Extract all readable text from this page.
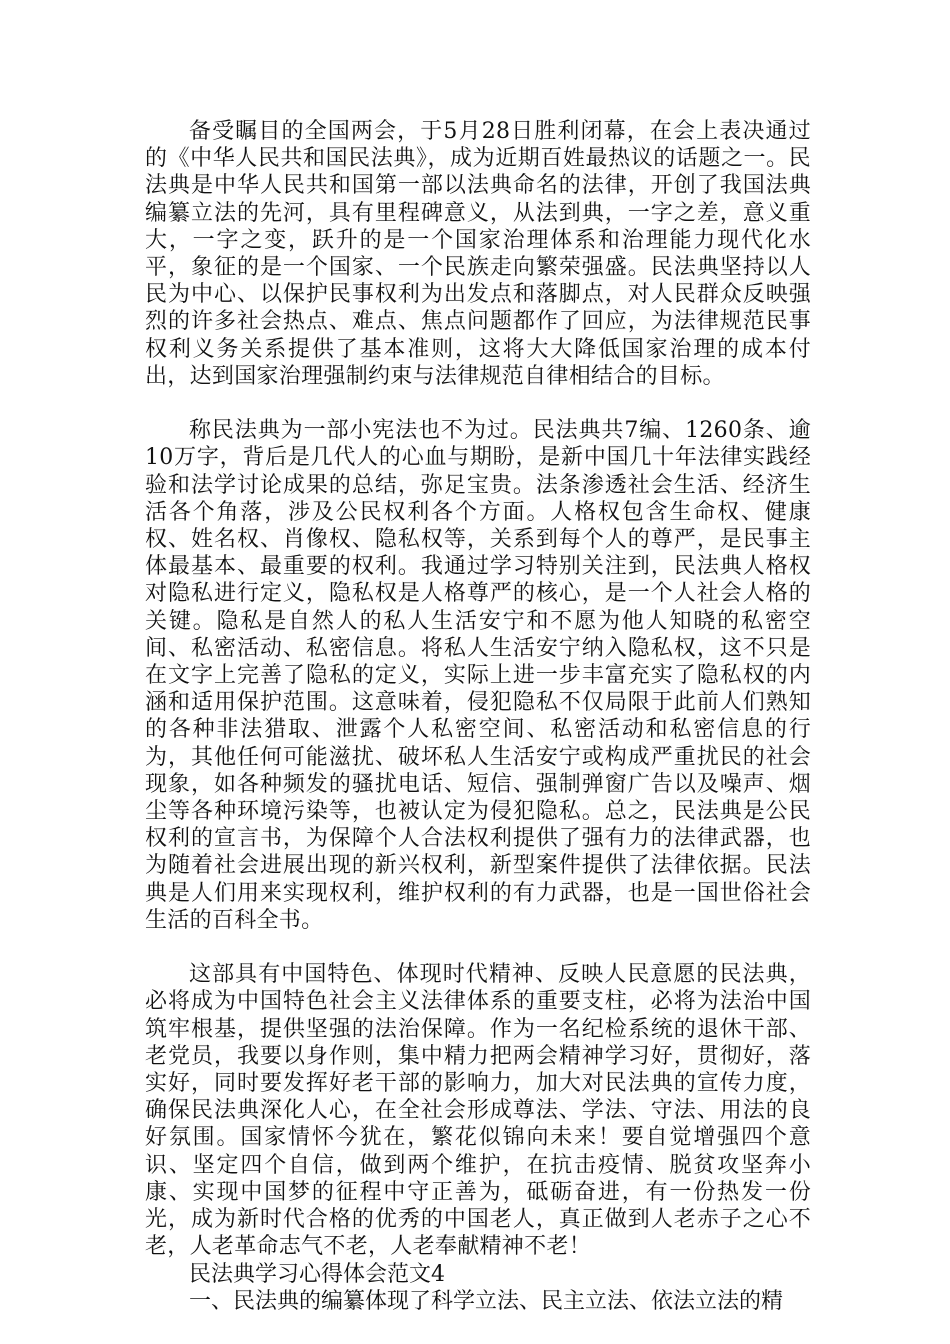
备受瞩目的全国两会，于5月28日胜利闭幕，在会上表决通过的《中华人民共和国民法典》，成为近期百姓最热议的话题之一。民法典是中华人民共和国第一部以法典命名的法律，开创了我国法典编纂立法的先河，具有里程碑意义，从法到典，一字之差，意义重大，一字之变，跃升的是一个国家治理体系和治理能力现代化水平，象征的是一个国家、一个民族走向繁荣强盛。民法典坚持以人民为中心、以保护民事权利为出发点和落脚点，对人民群众反映强烈的许多社会热点、难点、焦点问题都作了回应，为法律规范民事权利义务关系提供了基本准则，这将大大降低国家治理的成本付出，达到国家治理强制约束与法律规范自律相结合的目标。

称民法典为一部小宪法也不为过。民法典共7编、1260条、逾10万字，背后是几代人的心血与期盼，是新中国几十年法律实践经验和法学讨论成果的总结，弥足宝贵。法条渗透社会生活、经济生活各个角落，涉及公民权利各个方面。人格权包含生命权、健康权、姓名权、肖像权、隐私权等，关系到每个人的尊严，是民事主体最基本、最重要的权利。我通过学习特别关注到，民法典人格权对隐私进行定义，隐私权是人格尊严的核心，是一个人社会人格的关键。隐私是自然人的私人生活安宁和不愿为他人知晓的私密空间、私密活动、私密信息。将私人生活安宁纳入隐私权，这不只是在文字上完善了隐私的定义，实际上进一步丰富充实了隐私权的内涵和适用保护范围。这意味着，侵犯隐私不仅局限于此前人们熟知的各种非法猎取、泄露个人私密空间、私密活动和私密信息的行为，其他任何可能滋扰、破坏私人生活安宁或构成严重扰民的社会现象，如各种频发的骚扰电话、短信、强制弹窗广告以及噪声、烟尘等各种环境污染等，也被认定为侵犯隐私。总之，民法典是公民权利的宣言书，为保障个人合法权利提供了强有力的法律武器，也为随着社会进展出现的新兴权利，新型案件提供了法律依据。民法典是人们用来实现权利，维护权利的有力武器，也是一国世俗社会生活的百科全书。

这部具有中国特色、体现时代精神、反映人民意愿的民法典，必将成为中国特色社会主义法律体系的重要支柱，必将为法治中国筑牢根基，提供坚强的法治保障。作为一名纪检系统的退休干部、老党员，我要以身作则，集中精力把两会精神学习好，贯彻好，落实好，同时要发挥好老干部的影响力，加大对民法典的宣传力度，确保民法典深化人心，在全社会形成尊法、学法、守法、用法的良好氛围。国家情怀今犹在，繁花似锦向未来！要自觉增强四个意识、坚定四个自信，做到两个维护，在抗击疫情、脱贫攻坚奔小康、实现中国梦的征程中守正善为，砥砺奋进，有一份热发一份光，成为新时代合格的优秀的中国老人，真正做到人老赤子之心不老，人老革命志气不老，人老奉献精神不老！

民法典学习心得体会范文4

一、民法典的编纂体现了科学立法、民主立法、依法立法的精
